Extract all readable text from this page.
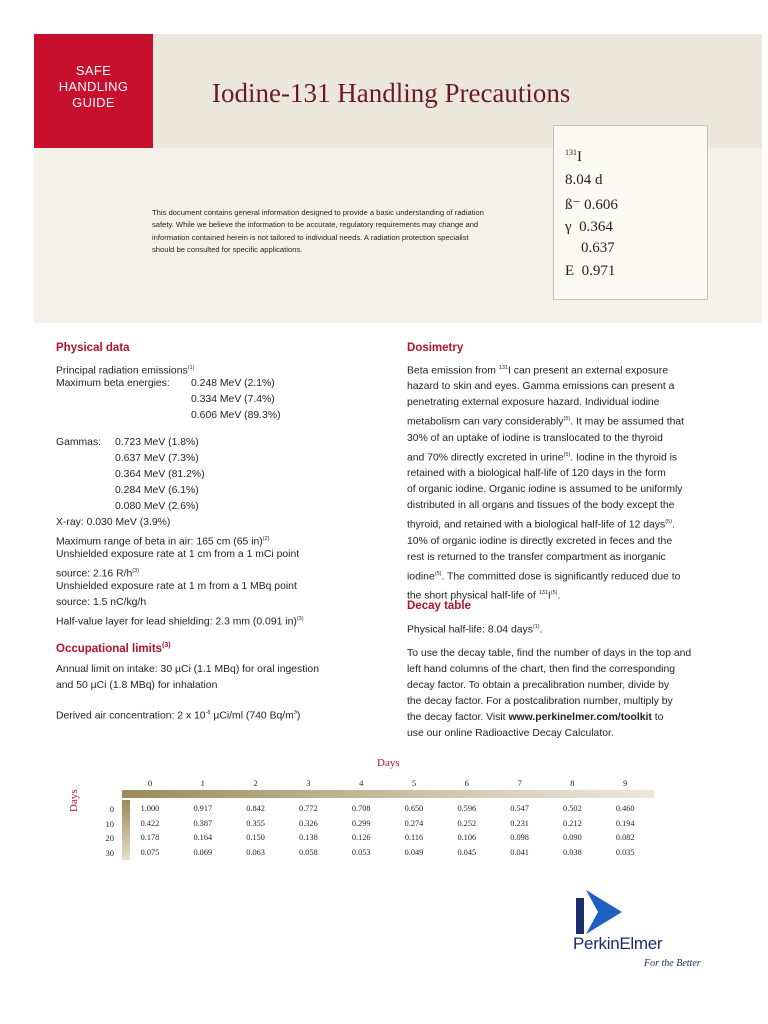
SAFE
HANDLING
GUIDE	Iodine-131 Handling Precautions
$^{131}$I
8.04 d
ß⁻ 0.606
γ 0.364
0.637
E 0.971
This document contains general information designed to provide a basic understanding of radiation
safety. While we believe the information to be accurate, regulatory requirements may change and
information contained herein is not tailored to individual needs. A radiation protection specialist
should be consulted for specific applications.
Physical data
Principal radiation emissions$^{(1)}$
Maximum beta energies: 0.248 MeV (2.1%)
0.334 MeV (7.4%)
0.606 MeV (89.3%)
Gammas: 0.723 MeV (1.8%)
0.637 MeV (7.3%)
0.364 MeV (81.2%)
0.284 MeV (6.1%)
0.080 MeV (2.6%)
X-ray: 0.030 MeV (3.9%)
Maximum range of beta in air: 165 cm (65 in)$^{(2)}$
Unshielded exposure rate at 1 cm from a 1 mCi point
source: 2.16 $R/h^{(3)}$
Unshielded exposure rate at 1 m from a 1 MBq point
source: 1.5 nC/kg/h
Half-value layer for lead shielding: 2.3 mm (0.091 in)$^{(3)}$
Occupational limits$^{(3)}$
Annual limit on intake: 30 µCi (1.1 MBq) for oral ingestion
and 50 µCi (1.8 MBq) for inhalation
Derived air concentration: 2 x $10^{-8}$ µCi/ml (740 $Bq/m^3$)
Dosimetry
Beta emission from $^{131}$I can present an external exposure
hazard to skin and eyes. Gamma emissions can present a
penetrating external exposure hazard. Individual iodine
metabolism can vary considerably$^{(5)}$. It may be assumed that
30% of an uptake of iodine is translocated to the thyroid
and 70% directly excreted in urine$^{(5)}$. Iodine in the thyroid is
retained with a biological half-life of 120 days in the form
of organic iodine. Organic iodine is assumed to be uniformly
distributed in all organs and tissues of the body except the
thyroid, and retained with a biological half-life of 12 days$^{(5)}$.
10% of organic iodine is directly excreted in feces and the
rest is returned to the transfer compartment as inorganic
iodine$^{(5)}$. The committed dose is significantly reduced due to
the short physical half-life of $^{131}I^{(5)}$.
Decay table
Physical half-life: 8.04 days$^{(1)}$.
To use the decay table, find the number of days in the top and
left hand columns of the chart, then find the corresponding
decay factor. To obtain a precalibration number, divide by
the decay factor. For a postcalibration number, multiply by
the decay factor. Visit www.perkinelmer.com/toolkit to
use our online Radioactive Decay Calculator.
Days
Days
0	1	2	3	4	5	6	7	8	9
0	1.000	0.917	0.842	0.772	0.708	0.650	0.596	0.547	0.502	0.460
10	0.422	0.387	0.355	0.326	0.299	0.274	0.252	0.231	0.212	0.194
20	0.178	0.164	0.150	0.138	0.126	0.116	0.106	0.098	0.090	0.082
30	0.075	0.069	0.063	0.058	0.053	0.049	0.045	0.041	0.038	0.035
PerkinElmer
For the Better
